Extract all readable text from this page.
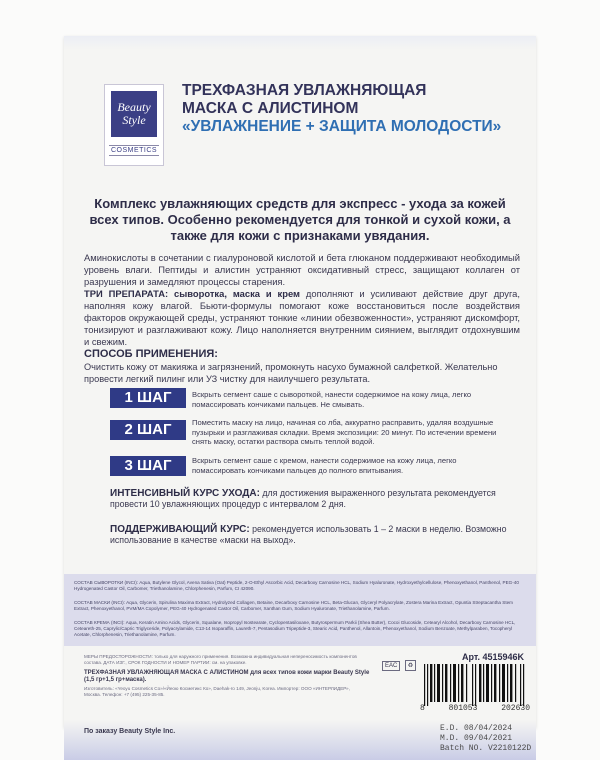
Beauty
Style
COSMETICS
ТРЕХФАЗНАЯ УВЛАЖНЯЮЩАЯ
МАСКА С АЛИСТИНОМ
«УВЛАЖНЕНИЕ + ЗАЩИТА МОЛОДОСТИ»
Комплекс увлажняющих средств для экспресс - ухода за кожей всех типов. Особенно рекомендуется для тонкой и сухой кожи, а также для кожи с признаками увядания.
Аминокислоты в сочетании с гиалуроновой кислотой и бета глюканом поддерживают необходимый уровень влаги. Пептиды и алистин устраняют оксидативный стресс, защищают коллаген от разрушения и замедляют процессы старения.
ТРИ ПРЕПАРАТА: сыворотка, маска и крем дополняют и усиливают действие друг друга, наполняя кожу влагой. Бьюти-формулы помогают коже восстановиться после воздействия факторов окружающей среды, устраняют тонкие «линии обезвоженности», устраняют дискомфорт, тонизируют и разглаживают кожу. Лицо наполняется внутренним сиянием, выглядит отдохнувшим и свежим.
СПОСОБ ПРИМЕНЕНИЯ:
Очистить кожу от макияжа и загрязнений, промокнуть насухо бумажной салфеткой. Желательно провести легкий пилинг или УЗ чистку для наилучшего результата.
1 ШАГ	Вскрыть сегмент саше с сывороткой, нанести содержимое на кожу лица, легко помассировать кончиками пальцев. Не смывать.
2 ШАГ	Поместить маску на лицо, начиная со лба, аккуратно расправить, удаляя воздушные пузырьки и разглаживая складки. Время экспозиции: 20 минут. По истечении времени снять маску, остатки раствора смыть теплой водой.
3 ШАГ	Вскрыть сегмент саше с кремом, нанести содержимое на кожу лица, легко помассировать кончиками пальцев до полного впитывания.
ИНТЕНСИВНЫЙ КУРС УХОДА: для достижения выраженного результата рекомендуется провести 10 увлажняющих процедур с интервалом 2 дня.
ПОДДЕРЖИВАЮЩИЙ КУРС: рекомендуется использовать 1 – 2 маски в неделю. Возможно использование в качестве «маски на выход».

СОСТАВ СЫВОРОТКИ (INCI): Aqua, Butylene Glycol, Avena Sativa (Oat) Peptide, 2-O-Ethyl Ascorbic Acid, Decarboxy Carnosine HCL, Sodium Hyaluronate, Hydroxyethylcellulose, Phenoxyethanol, Panthenol, PEG-40 Hydrogenated Castor Oil, Carbomer, Triethanolamine, Chlorphenesin, Parfum, CI 42090.

СОСТАВ МАСКИ (INCI): Aqua, Glycerin, Spirulina Maxima Extract, Hydrolyzed Collagen, Betaine, Decarboxy Carnosine HCL, Beta-Glucan, Glyceryl Polyacrylate, Zostera Marina Extract, Opuntia Streptacantha Stem Extract, Phenoxyethanol, PVM/MA Copolymer, PEG-40 Hydrogenated Castor Oil, Carbomer, Xanthan Gum, Sodium Hyaluronate, Triethanolamine, Parfum.

СОСТАВ КРЕМА (INCI): Aqua, Keratin Amino Acids, Glycerin, Squalane, Isopropyl Isostearate, Cyclopentasiloxane, Butyrospermum Parkii (Shea Butter), Cocoi Glucoside, Cetearyl Alcohol, Decarboxy Carnosine HCL, Ceteareth-25, Caprylic/Capric Triglyceride, Polyacrylamide, C13-14 Isoparaffin, Laureth-7, Pentasodium Tripeptide-3, Stearic Acid, Panthenol, Allantoin, Phenoxyethanol, Sodium Benzoate, Methylparaben, Tocopheryl Acetate, Chlorphenesin, Triethanolamine, Parfum.

МЕРЫ ПРЕДОСТОРОЖНОСТИ: только для наружного применения. Возможна индивидуальная непереносимость компонентов состава. ДАТА ИЗГ., СРОК ГОДНОСТИ И НОМЕР ПАРТИИ: см. на упаковке.
ТРЕХФАЗНАЯ УВЛАЖНЯЮЩАЯ МАСКА С АЛИСТИНОМ для всех типов кожи марки Beauty Style (1,5 гр+1,5 гр+маска).
Изготовитель: «Yeoyu Cosmetics Co»/«Йеою Косметикс Ко», Daehak-ro 149, Jeonju, Korea. Импортер: ООО «ИНТЕРЛИДЕР», Москва. Телефон: +7 (495) 225-35-85.
По заказу Beauty Style Inc.
EAC ♻
Арт. 4515946K
8	801053	202630
E.D. 08/04/2024
M.D. 09/04/2021
Batch NO. V2210122D
